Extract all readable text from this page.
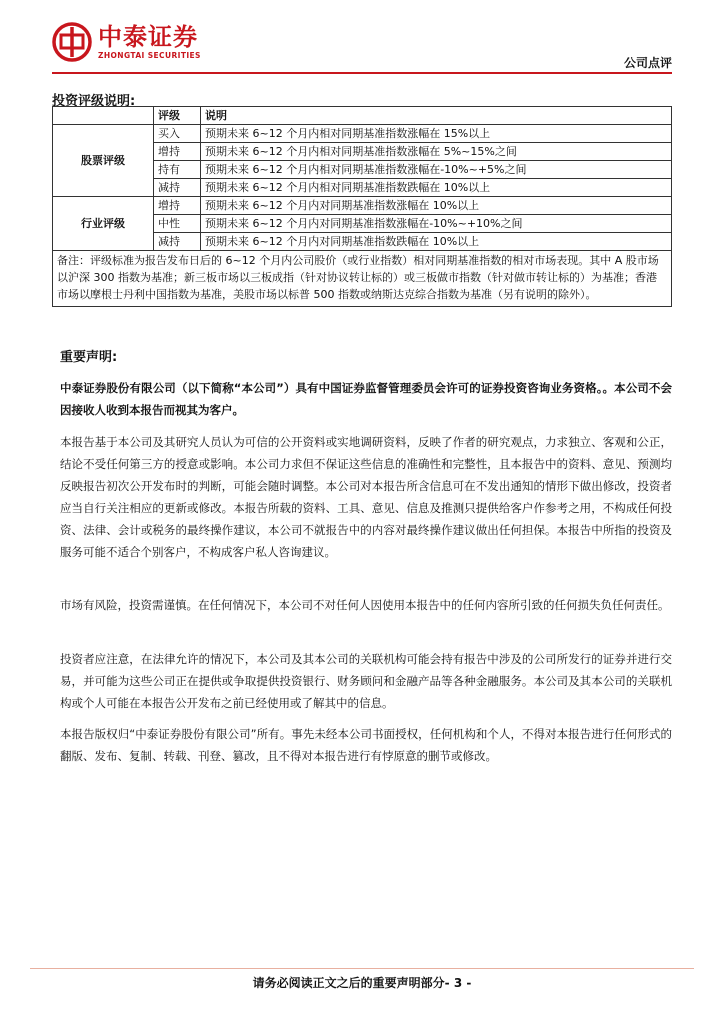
中泰证券
ZHONGTAI SECURITIES
公司点评
投资评级说明:
	评级	说明
股票评级	买入	预期未来 6~12 个月内相对同期基准指数涨幅在 15%以上
	增持	预期未来 6~12 个月内相对同期基准指数涨幅在 5%~15%之间
	持有	预期未来 6~12 个月内相对同期基准指数涨幅在-10%~+5%之间
	减持	预期未来 6~12 个月内相对同期基准指数跌幅在 10%以上
行业评级	增持	预期未来 6~12 个月内对同期基准指数涨幅在 10%以上
	中性	预期未来 6~12 个月内对同期基准指数涨幅在-10%~+10%之间
	减持	预期未来 6~12 个月内对同期基准指数跌幅在 10%以上
备注：评级标准为报告发布日后的 6~12 个月内公司股价（或行业指数）相对同期基准指数的相对市场表现。其中 A 股市场以沪深 300 指数为基准；新三板市场以三板成指（针对协议转让标的）或三板做市指数（针对做市转让标的）为基准；香港市场以摩根士丹利中国指数为基准，美股市场以标普 500 指数或纳斯达克综合指数为基准（另有说明的除外）。		
重要声明:
中泰证券股份有限公司（以下简称“本公司”）具有中国证券监督管理委员会许可的证券投资咨询业务资格。。本公司不会因接收人收到本报告而视其为客户。
本报告基于本公司及其研究人员认为可信的公开资料或实地调研资料，反映了作者的研究观点，力求独立、客观和公正，结论不受任何第三方的授意或影响。本公司力求但不保证这些信息的准确性和完整性，且本报告中的资料、意见、预测均反映报告初次公开发布时的判断，可能会随时调整。本公司对本报告所含信息可在不发出通知的情形下做出修改，投资者应当自行关注相应的更新或修改。本报告所载的资料、工具、意见、信息及推测只提供给客户作参考之用，不构成任何投资、法律、会计或税务的最终操作建议，本公司不就报告中的内容对最终操作建议做出任何担保。本报告中所指的投资及服务可能不适合个别客户，不构成客户私人咨询建议。
市场有风险，投资需谨慎。在任何情况下，本公司不对任何人因使用本报告中的任何内容所引致的任何损失负任何责任。
投资者应注意，在法律允许的情况下，本公司及其本公司的关联机构可能会持有报告中涉及的公司所发行的证券并进行交易，并可能为这些公司正在提供或争取提供投资银行、财务顾问和金融产品等各种金融服务。本公司及其本公司的关联机构或个人可能在本报告公开发布之前已经使用或了解其中的信息。
本报告版权归“中泰证券股份有限公司”所有。事先未经本公司书面授权，任何机构和个人，不得对本报告进行任何形式的翻版、发布、复制、转载、刊登、篡改，且不得对本报告进行有悖原意的删节或修改。
请务必阅读正文之后的重要声明部分- 3 -
